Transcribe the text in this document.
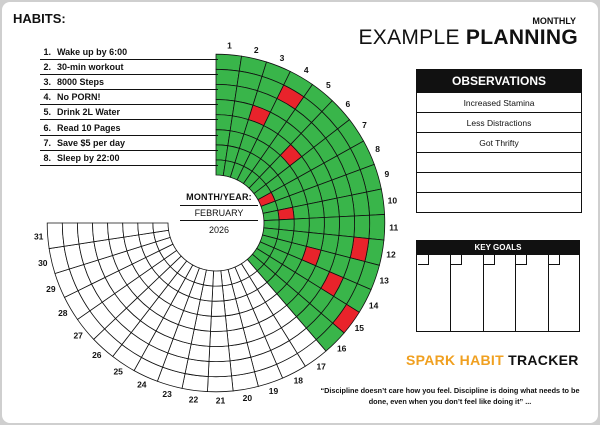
1	2
3
4
5
6
7
8
9
10
11
12
13
14
15
16
17
18
19
20
21
22
23
24
25
26
27
28
29
30
31
HABITS:
1. Wake up by 6:00
2. 30-min workout
3. 8000 Steps
4. No PORN!
5. Drink 2L Water
6. Read 10 Pages
7. Save $5 per day
8. Sleep by 22:00
MONTHLY
EXAMPLE PLANNING
MONTH/YEAR:
FEBRUARY
2026
OBSERVATIONS
Increased Stamina
Less Distractions
Got Thrifty
KEY GOALS
SPARK HABIT TRACKER
“Discipline doesn’t care how you feel. Discipline is doing what needs to be done, even when you don’t feel like doing it” ...
